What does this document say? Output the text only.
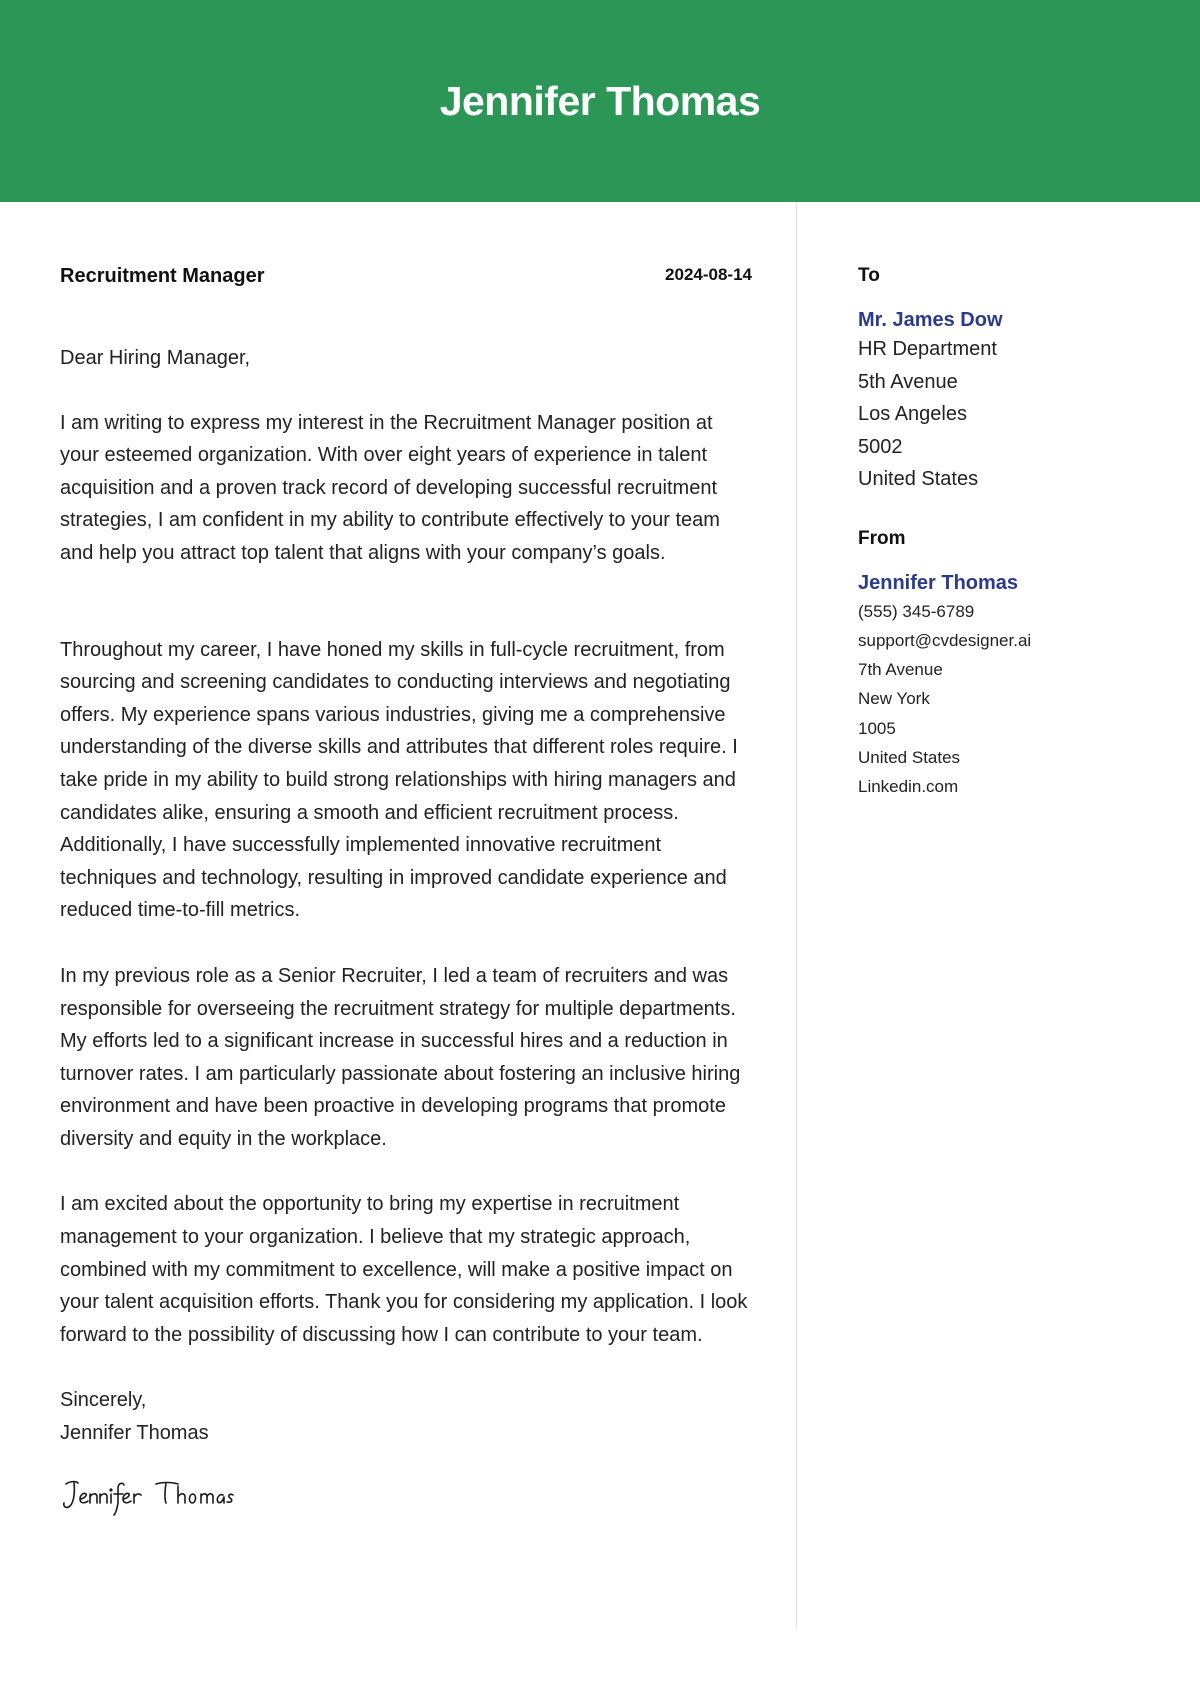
Jennifer Thomas
Recruitment Manager	2024-08-14

Dear Hiring Manager,

I am writing to express my interest in the Recruitment Manager position at your esteemed organization. With over eight years of experience in talent acquisition and a proven track record of developing successful recruitment strategies, I am confident in my ability to contribute effectively to your team and help you attract top talent that aligns with your company’s goals.

Throughout my career, I have honed my skills in full-cycle recruitment, from sourcing and screening candidates to conducting interviews and negotiating offers. My experience spans various industries, giving me a comprehensive understanding of the diverse skills and attributes that different roles require. I take pride in my ability to build strong relationships with hiring managers and candidates alike, ensuring a smooth and efficient recruitment process. Additionally, I have successfully implemented innovative recruitment techniques and technology, resulting in improved candidate experience and reduced time-to-fill metrics.

In my previous role as a Senior Recruiter, I led a team of recruiters and was responsible for overseeing the recruitment strategy for multiple departments. My efforts led to a significant increase in successful hires and a reduction in turnover rates. I am particularly passionate about fostering an inclusive hiring environment and have been proactive in developing programs that promote diversity and equity in the workplace.

I am excited about the opportunity to bring my expertise in recruitment management to your organization. I believe that my strategic approach, combined with my commitment to excellence, will make a positive impact on your talent acquisition efforts. Thank you for considering my application. I look forward to the possibility of discussing how I can contribute to your team.

Sincerely,

Jennifer Thomas

To

Mr. James Dow

HR Department
5th Avenue
Los Angeles
5002
United States

From

Jennifer Thomas

(555) 345-6789
support@cvdesigner.ai
7th Avenue
New York
1005
United States
Linkedin.com
